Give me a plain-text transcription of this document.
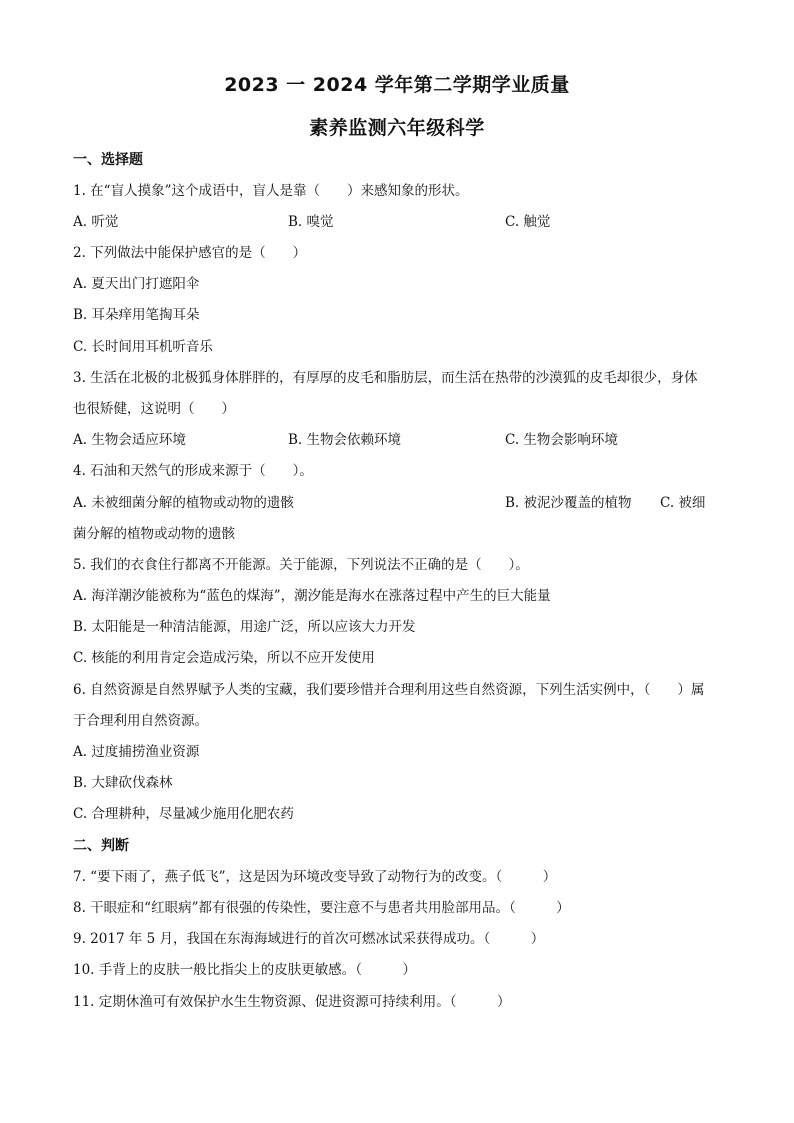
2023 一 2024 学年第二学期学业质量
素养监测六年级科学
一、选择题
1. 在“盲人摸象”这个成语中，盲人是靠（　　）来感知象的形状。
A. 听觉	B. 嗅觉	C. 触觉
2. 下列做法中能保护感官的是（　　）
A. 夏天出门打遮阳伞
B. 耳朵痒用笔掏耳朵
C. 长时间用耳机听音乐
3. 生活在北极的北极狐身体胖胖的，有厚厚的皮毛和脂肪层，而生活在热带的沙漠狐的皮毛却很少，身体
也很矫健，这说明（　　）
A. 生物会适应环境	B. 生物会依赖环境	C. 生物会影响环境
4. 石油和天然气的形成来源于（　　）。
A. 未被细菌分解的植物或动物的遗骸	B. 被泥沙覆盖的植物 C. 被细
菌分解的植物或动物的遗骸
5. 我们的衣食住行都离不开能源。关于能源，下列说法不正确的是（　　）。
A. 海洋潮汐能被称为“蓝色的煤海”，潮汐能是海水在涨落过程中产生的巨大能量
B. 太阳能是一种清洁能源，用途广泛，所以应该大力开发
C. 核能的利用肯定会造成污染，所以不应开发使用
6. 自然资源是自然界赋予人类的宝藏，我们要珍惜并合理利用这些自然资源，下列生活实例中，（　　）属
于合理利用自然资源。
A. 过度捕捞渔业资源
B. 大肆砍伐森林
C. 合理耕种，尽量减少施用化肥农药
二、判断
7. “要下雨了，燕子低飞”，这是因为环境改变导致了动物行为的改变。（　　　）
8. 干眼症和“红眼病”都有很强的传染性，要注意不与患者共用脸部用品。（　　　）
9. 2017 年 5 月，我国在东海海域进行的首次可燃冰试采获得成功。（　　　）
10. 手背上的皮肤一般比指尖上的皮肤更敏感。（　　　）
11. 定期休渔可有效保护水生生物资源、促进资源可持续利用。（　　　）
